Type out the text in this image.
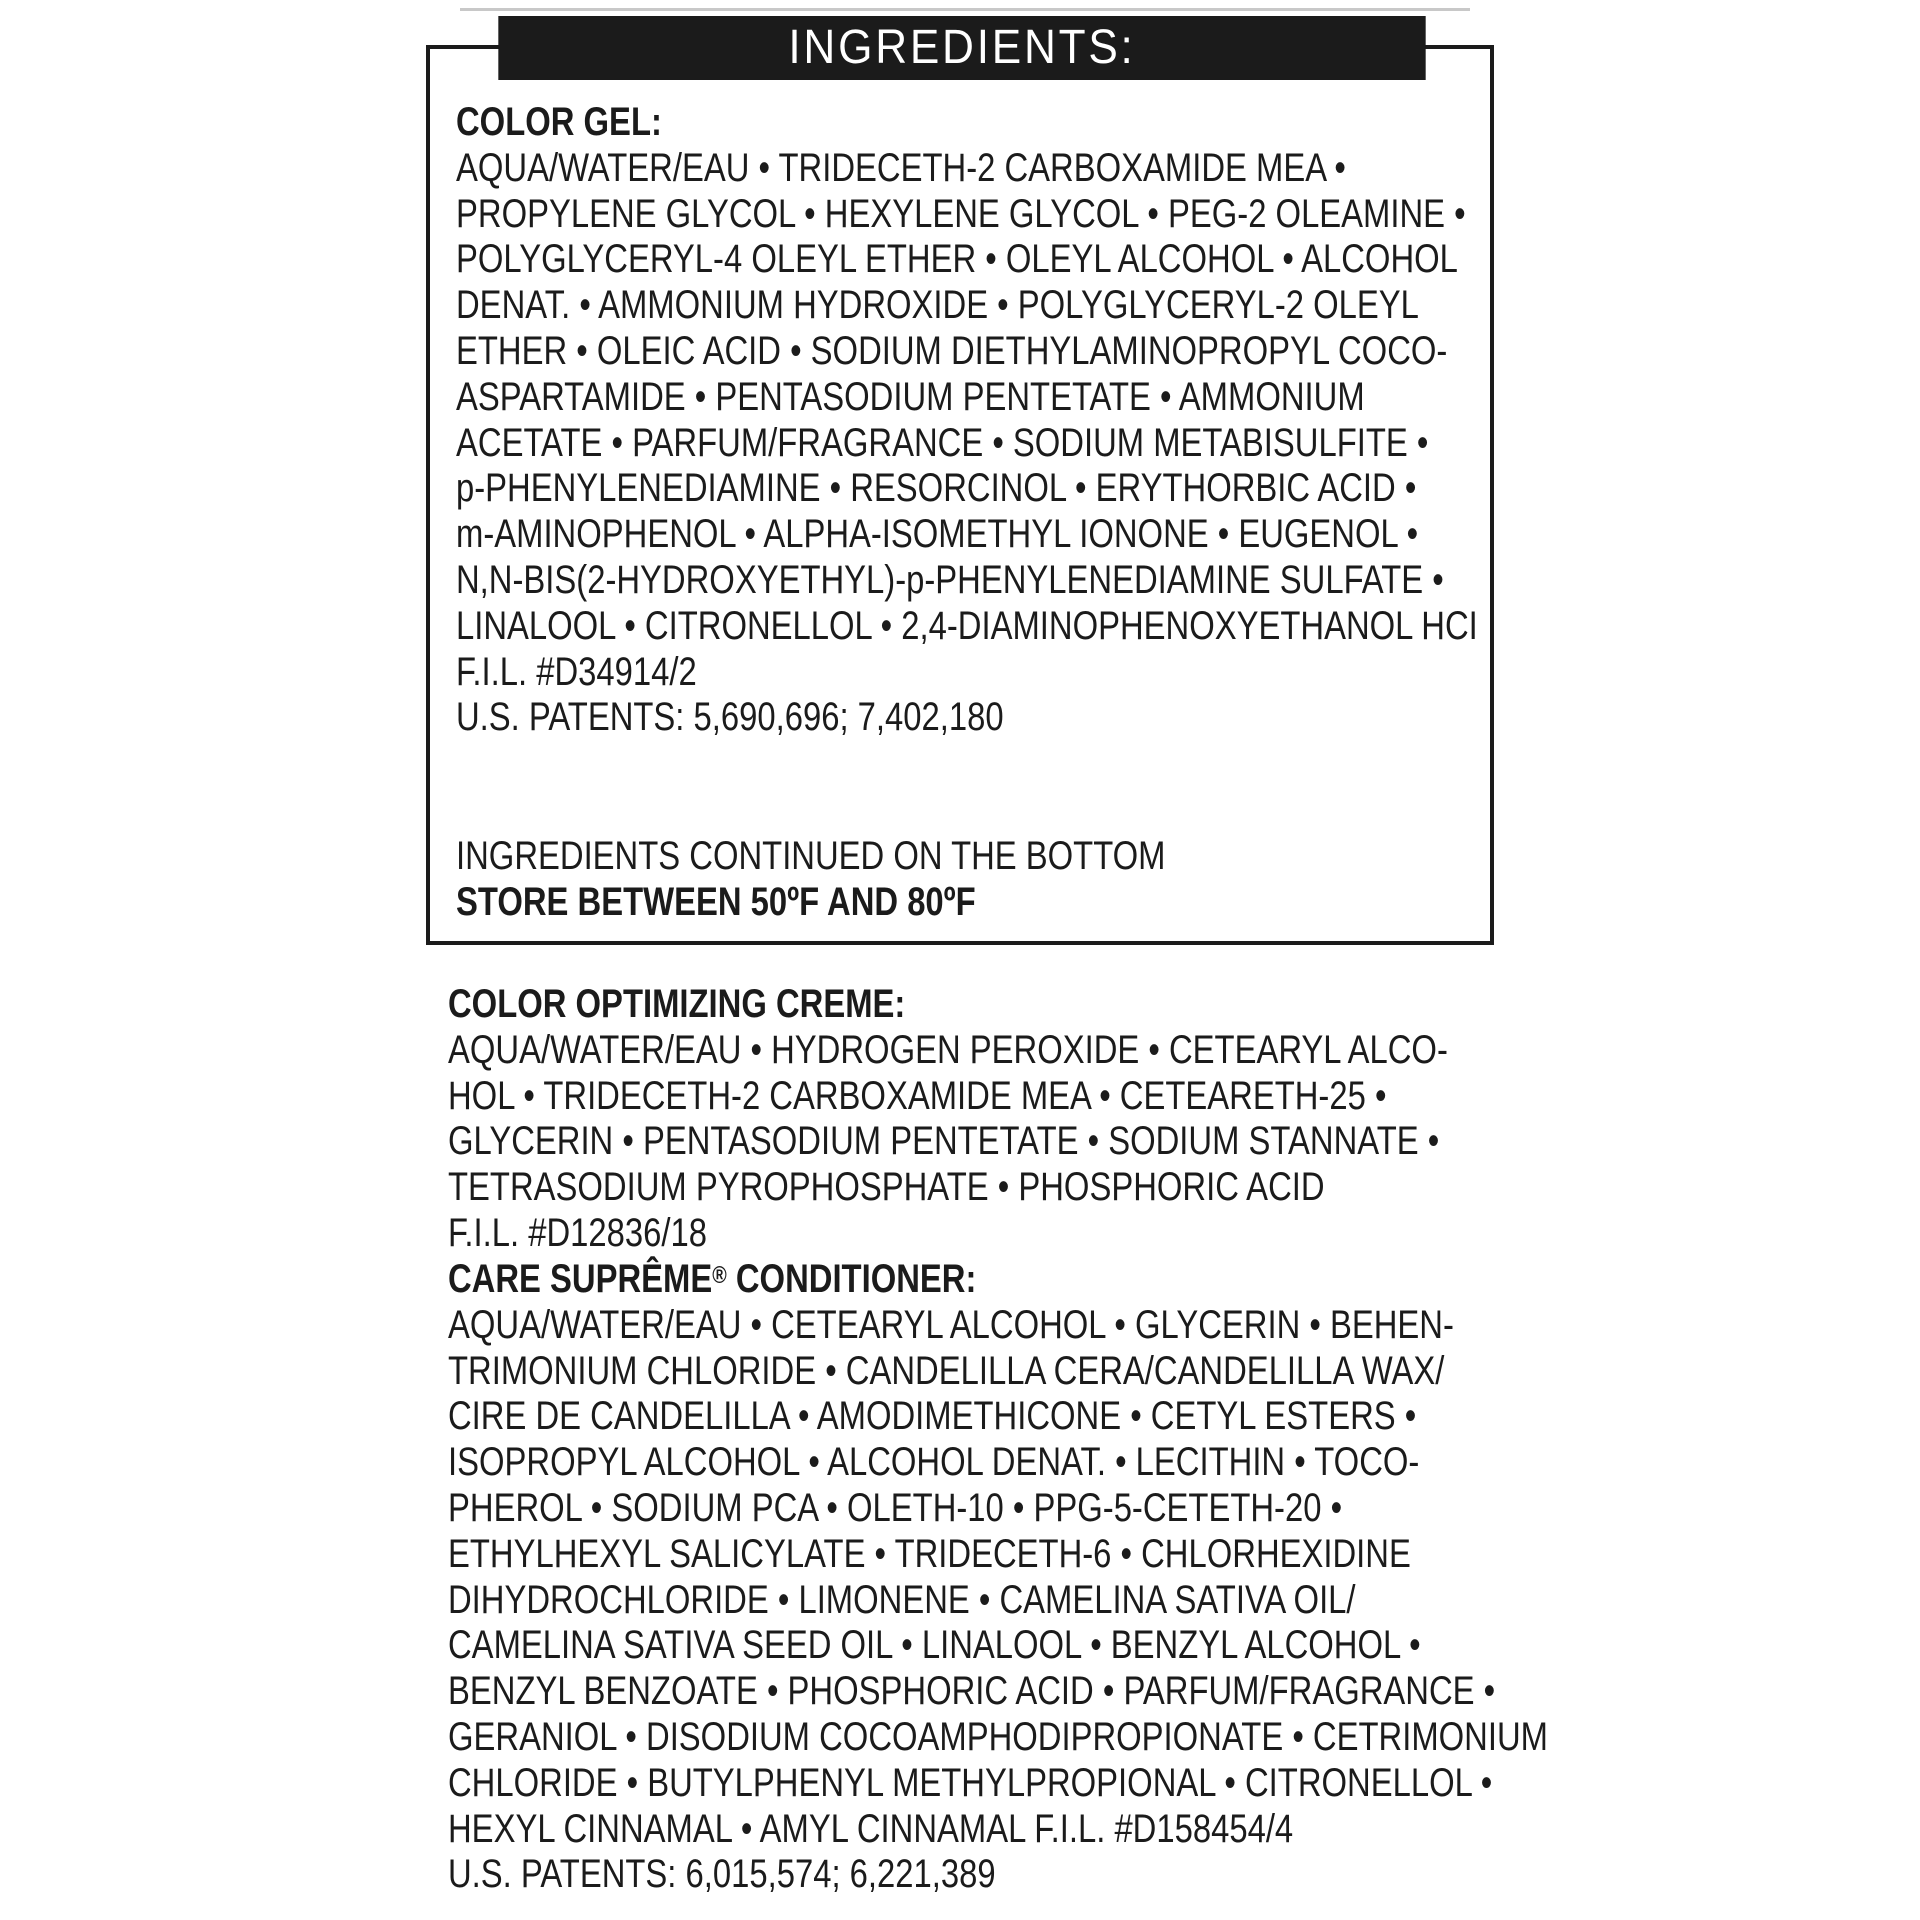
INGREDIENTS:
COLOR GEL:
AQUA/WATER/EAU • TRIDECETH-2 CARBOXAMIDE MEA •
PROPYLENE GLYCOL • HEXYLENE GLYCOL • PEG-2 OLEAMINE •
POLYGLYCERYL-4 OLEYL ETHER • OLEYL ALCOHOL • ALCOHOL
DENAT. • AMMONIUM HYDROXIDE • POLYGLYCERYL-2 OLEYL
ETHER • OLEIC ACID • SODIUM DIETHYLAMINOPROPYL COCO-
ASPARTAMIDE • PENTASODIUM PENTETATE • AMMONIUM
ACETATE • PARFUM/FRAGRANCE • SODIUM METABISULFITE •
p-PHENYLENEDIAMINE • RESORCINOL • ERYTHORBIC ACID •
m-AMINOPHENOL • ALPHA-ISOMETHYL IONONE • EUGENOL •
N,N-BIS(2-HYDROXYETHYL)-p-PHENYLENEDIAMINE SULFATE •
LINALOOL • CITRONELLOL • 2,4-DIAMINOPHENOXYETHANOL HCI
F.I.L. #D34914/2
U.S. PATENTS: 5,690,696; 7,402,180
INGREDIENTS CONTINUED ON THE BOTTOM
STORE BETWEEN 50ºF AND 80ºF
COLOR OPTIMIZING CREME:
AQUA/WATER/EAU • HYDROGEN PEROXIDE • CETEARYL ALCO-
HOL • TRIDECETH-2 CARBOXAMIDE MEA • CETEARETH-25 •
GLYCERIN • PENTASODIUM PENTETATE • SODIUM STANNATE •
TETRASODIUM PYROPHOSPHATE • PHOSPHORIC ACID
F.I.L. #D12836/18
CARE SUPRÊME® CONDITIONER:
AQUA/WATER/EAU • CETEARYL ALCOHOL • GLYCERIN • BEHEN-
TRIMONIUM CHLORIDE • CANDELILLA CERA/CANDELILLA WAX/
CIRE DE CANDELILLA • AMODIMETHICONE • CETYL ESTERS •
ISOPROPYL ALCOHOL • ALCOHOL DENAT. • LECITHIN • TOCO-
PHEROL • SODIUM PCA • OLETH-10 • PPG-5-CETETH-20 •
ETHYLHEXYL SALICYLATE • TRIDECETH-6 • CHLORHEXIDINE
DIHYDROCHLORIDE • LIMONENE • CAMELINA SATIVA OIL/
CAMELINA SATIVA SEED OIL • LINALOOL • BENZYL ALCOHOL •
BENZYL BENZOATE • PHOSPHORIC ACID • PARFUM/FRAGRANCE •
GERANIOL • DISODIUM COCOAMPHODIPROPIONATE • CETRIMONIUM
CHLORIDE • BUTYLPHENYL METHYLPROPIONAL • CITRONELLOL •
HEXYL CINNAMAL • AMYL CINNAMAL F.I.L. #D158454/4
U.S. PATENTS: 6,015,574; 6,221,389
